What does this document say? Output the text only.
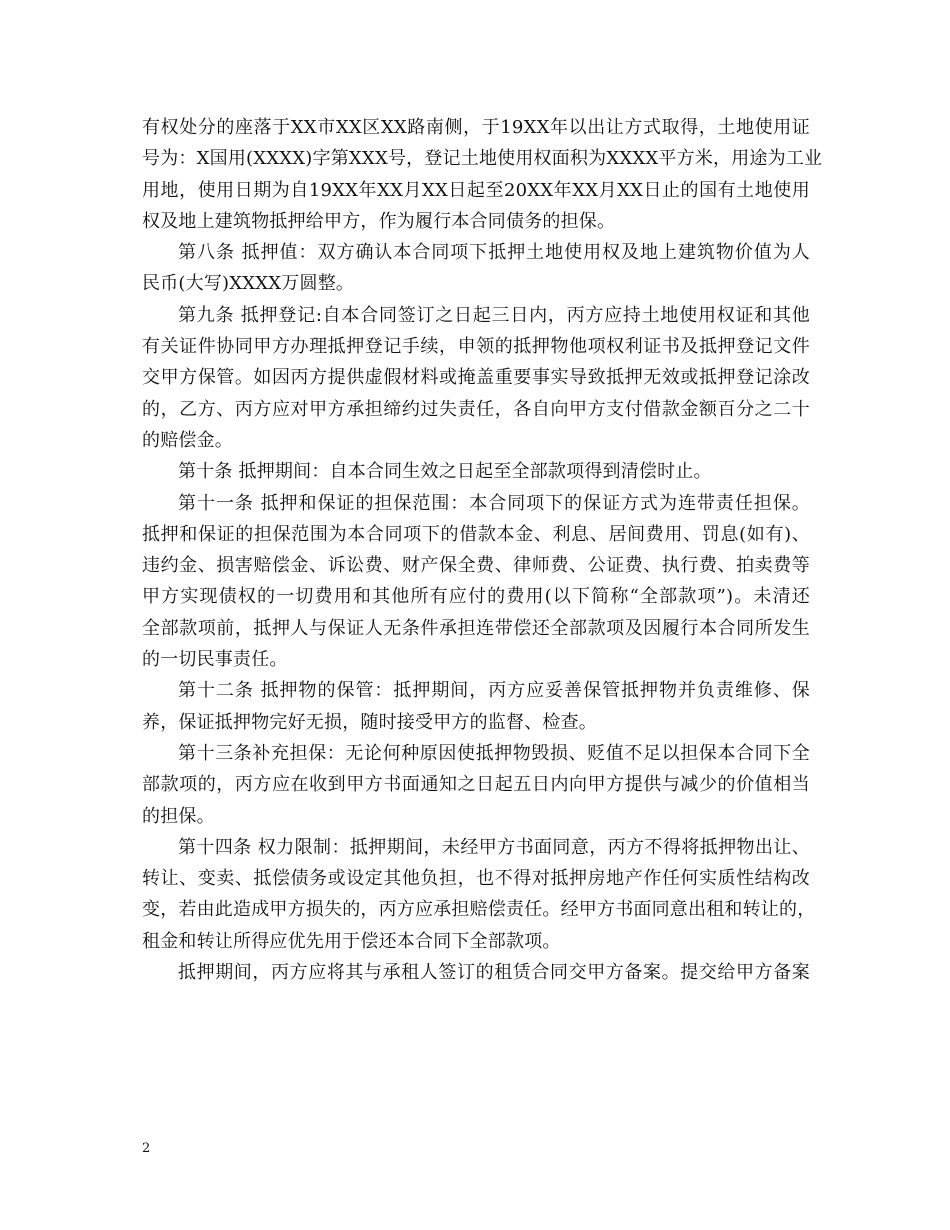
有权处分的座落于XX市XX区XX路南侧，于19XX年以出让方式取得，土地使用证
号为：X国用(XXXX)字第XXX号，登记土地使用权面积为XXXX平方米，用途为工业
用地，使用日期为自19XX年XX月XX日起至20XX年XX月XX日止的国有土地使用
权及地上建筑物抵押给甲方，作为履行本合同债务的担保。
第八条 抵押值：双方确认本合同项下抵押土地使用权及地上建筑物价值为人
民币(大写)XXXX万圆整。
第九条 抵押登记:自本合同签订之日起三日内，丙方应持土地使用权证和其他
有关证件协同甲方办理抵押登记手续，申领的抵押物他项权利证书及抵押登记文件
交甲方保管。如因丙方提供虚假材料或掩盖重要事实导致抵押无效或抵押登记涂改
的，乙方、丙方应对甲方承担缔约过失责任，各自向甲方支付借款金额百分之二十
的赔偿金。
第十条 抵押期间：自本合同生效之日起至全部款项得到清偿时止。
第十一条 抵押和保证的担保范围：本合同项下的保证方式为连带责任担保。
抵押和保证的担保范围为本合同项下的借款本金、利息、居间费用、罚息(如有)、
违约金、损害赔偿金、诉讼费、财产保全费、律师费、公证费、执行费、拍卖费等
甲方实现债权的一切费用和其他所有应付的费用(以下简称“全部款项”)。未清还
全部款项前，抵押人与保证人无条件承担连带偿还全部款项及因履行本合同所发生
的一切民事责任。
第十二条 抵押物的保管：抵押期间，丙方应妥善保管抵押物并负责维修、保
养，保证抵押物完好无损，随时接受甲方的监督、检查。
第十三条补充担保：无论何种原因使抵押物毁损、贬值不足以担保本合同下全
部款项的，丙方应在收到甲方书面通知之日起五日内向甲方提供与减少的价值相当
的担保。
第十四条 权力限制：抵押期间，未经甲方书面同意，丙方不得将抵押物出让、
转让、变卖、抵偿债务或设定其他负担，也不得对抵押房地产作任何实质性结构改
变，若由此造成甲方损失的，丙方应承担赔偿责任。经甲方书面同意出租和转让的，
租金和转让所得应优先用于偿还本合同下全部款项。
抵押期间，丙方应将其与承租人签订的租赁合同交甲方备案。提交给甲方备案
2
